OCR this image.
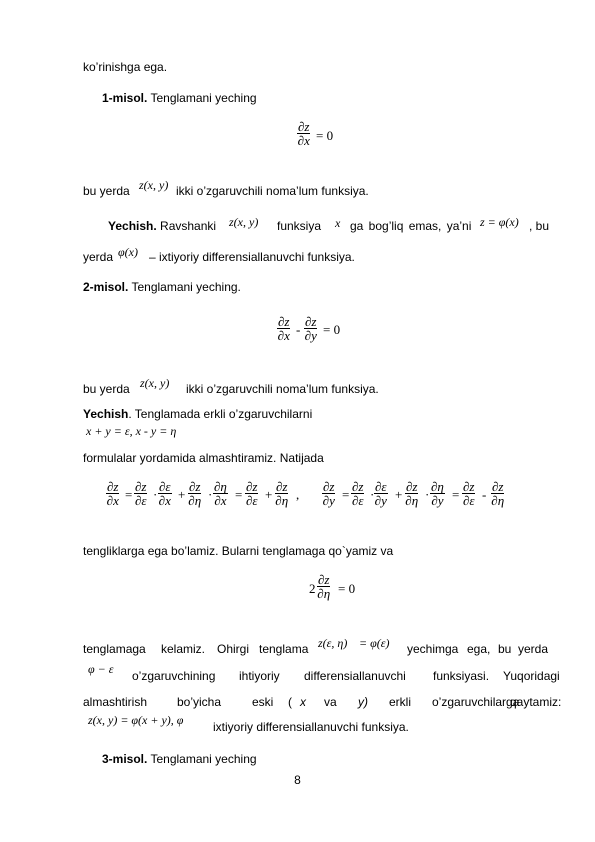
ko’rinishga ega.
1-misol. Tenglamani yeching
$\frac{\partial z}{\partial x} = 0$
bu yerda z(x, y) ikki o’zgaruvchili noma’lum funksiya.
Yechish. Ravshanki z(x, y) funksiya x ga bog’liq emas, ya’ni z = φ(x) , bu
yerda φ(x) – ixtiyoriy differensiallanuvchi funksiya.
2-misol. Tenglamani yeching.
$\frac{\partial z}{\partial x} - \frac{\partial z}{\partial y} = 0$
bu yerda z(x, y) ikki o’zgaruvchili noma’lum funksiya.
Yechish. Tenglamada erkli o’zgaruvchilarni
x + y = ε, x - y = η
formulalar yordamida almashtiramiz. Natijada
$\frac{\partial z}{\partial x} = \frac{\partial z}{\partial\varepsilon} \cdot \frac{\partial\varepsilon}{\partial x} + \frac{\partial z}{\partial\eta} \cdot \frac{\partial\eta}{\partial x} = \frac{\partial z}{\partial\varepsilon} + \frac{\partial z}{\partial\eta}$ , $\frac{\partial z}{\partial y} = \frac{\partial z}{\partial\varepsilon} \cdot \frac{\partial\varepsilon}{\partial y} + \frac{\partial z}{\partial\eta} \cdot \frac{\partial\eta}{\partial y} = \frac{\partial z}{\partial\varepsilon} - \frac{\partial z}{\partial\eta}$
tengliklarga ega bo’lamiz. Bularni tenglamaga qo`yamiz va
$2 \frac{\partial z}{\partial\eta} = 0$
tenglamaga kelamiz. Ohirgi tenglama z(ε, η) = φ(ε) yechimga ega, bu yerda
φ − ε o’zgaruvchining ihtiyoriy differensiallanuvchi funksiyasi. Yuqoridagi
almashtirish bo’yicha	eski ( x va y) erkli o’zgaruvchilarga
qaytamiz:
z(x, y) = φ(x + y), φ ixtiyoriy differensiallanuvchi funksiya.
3-misol. Tenglamani yeching
8
